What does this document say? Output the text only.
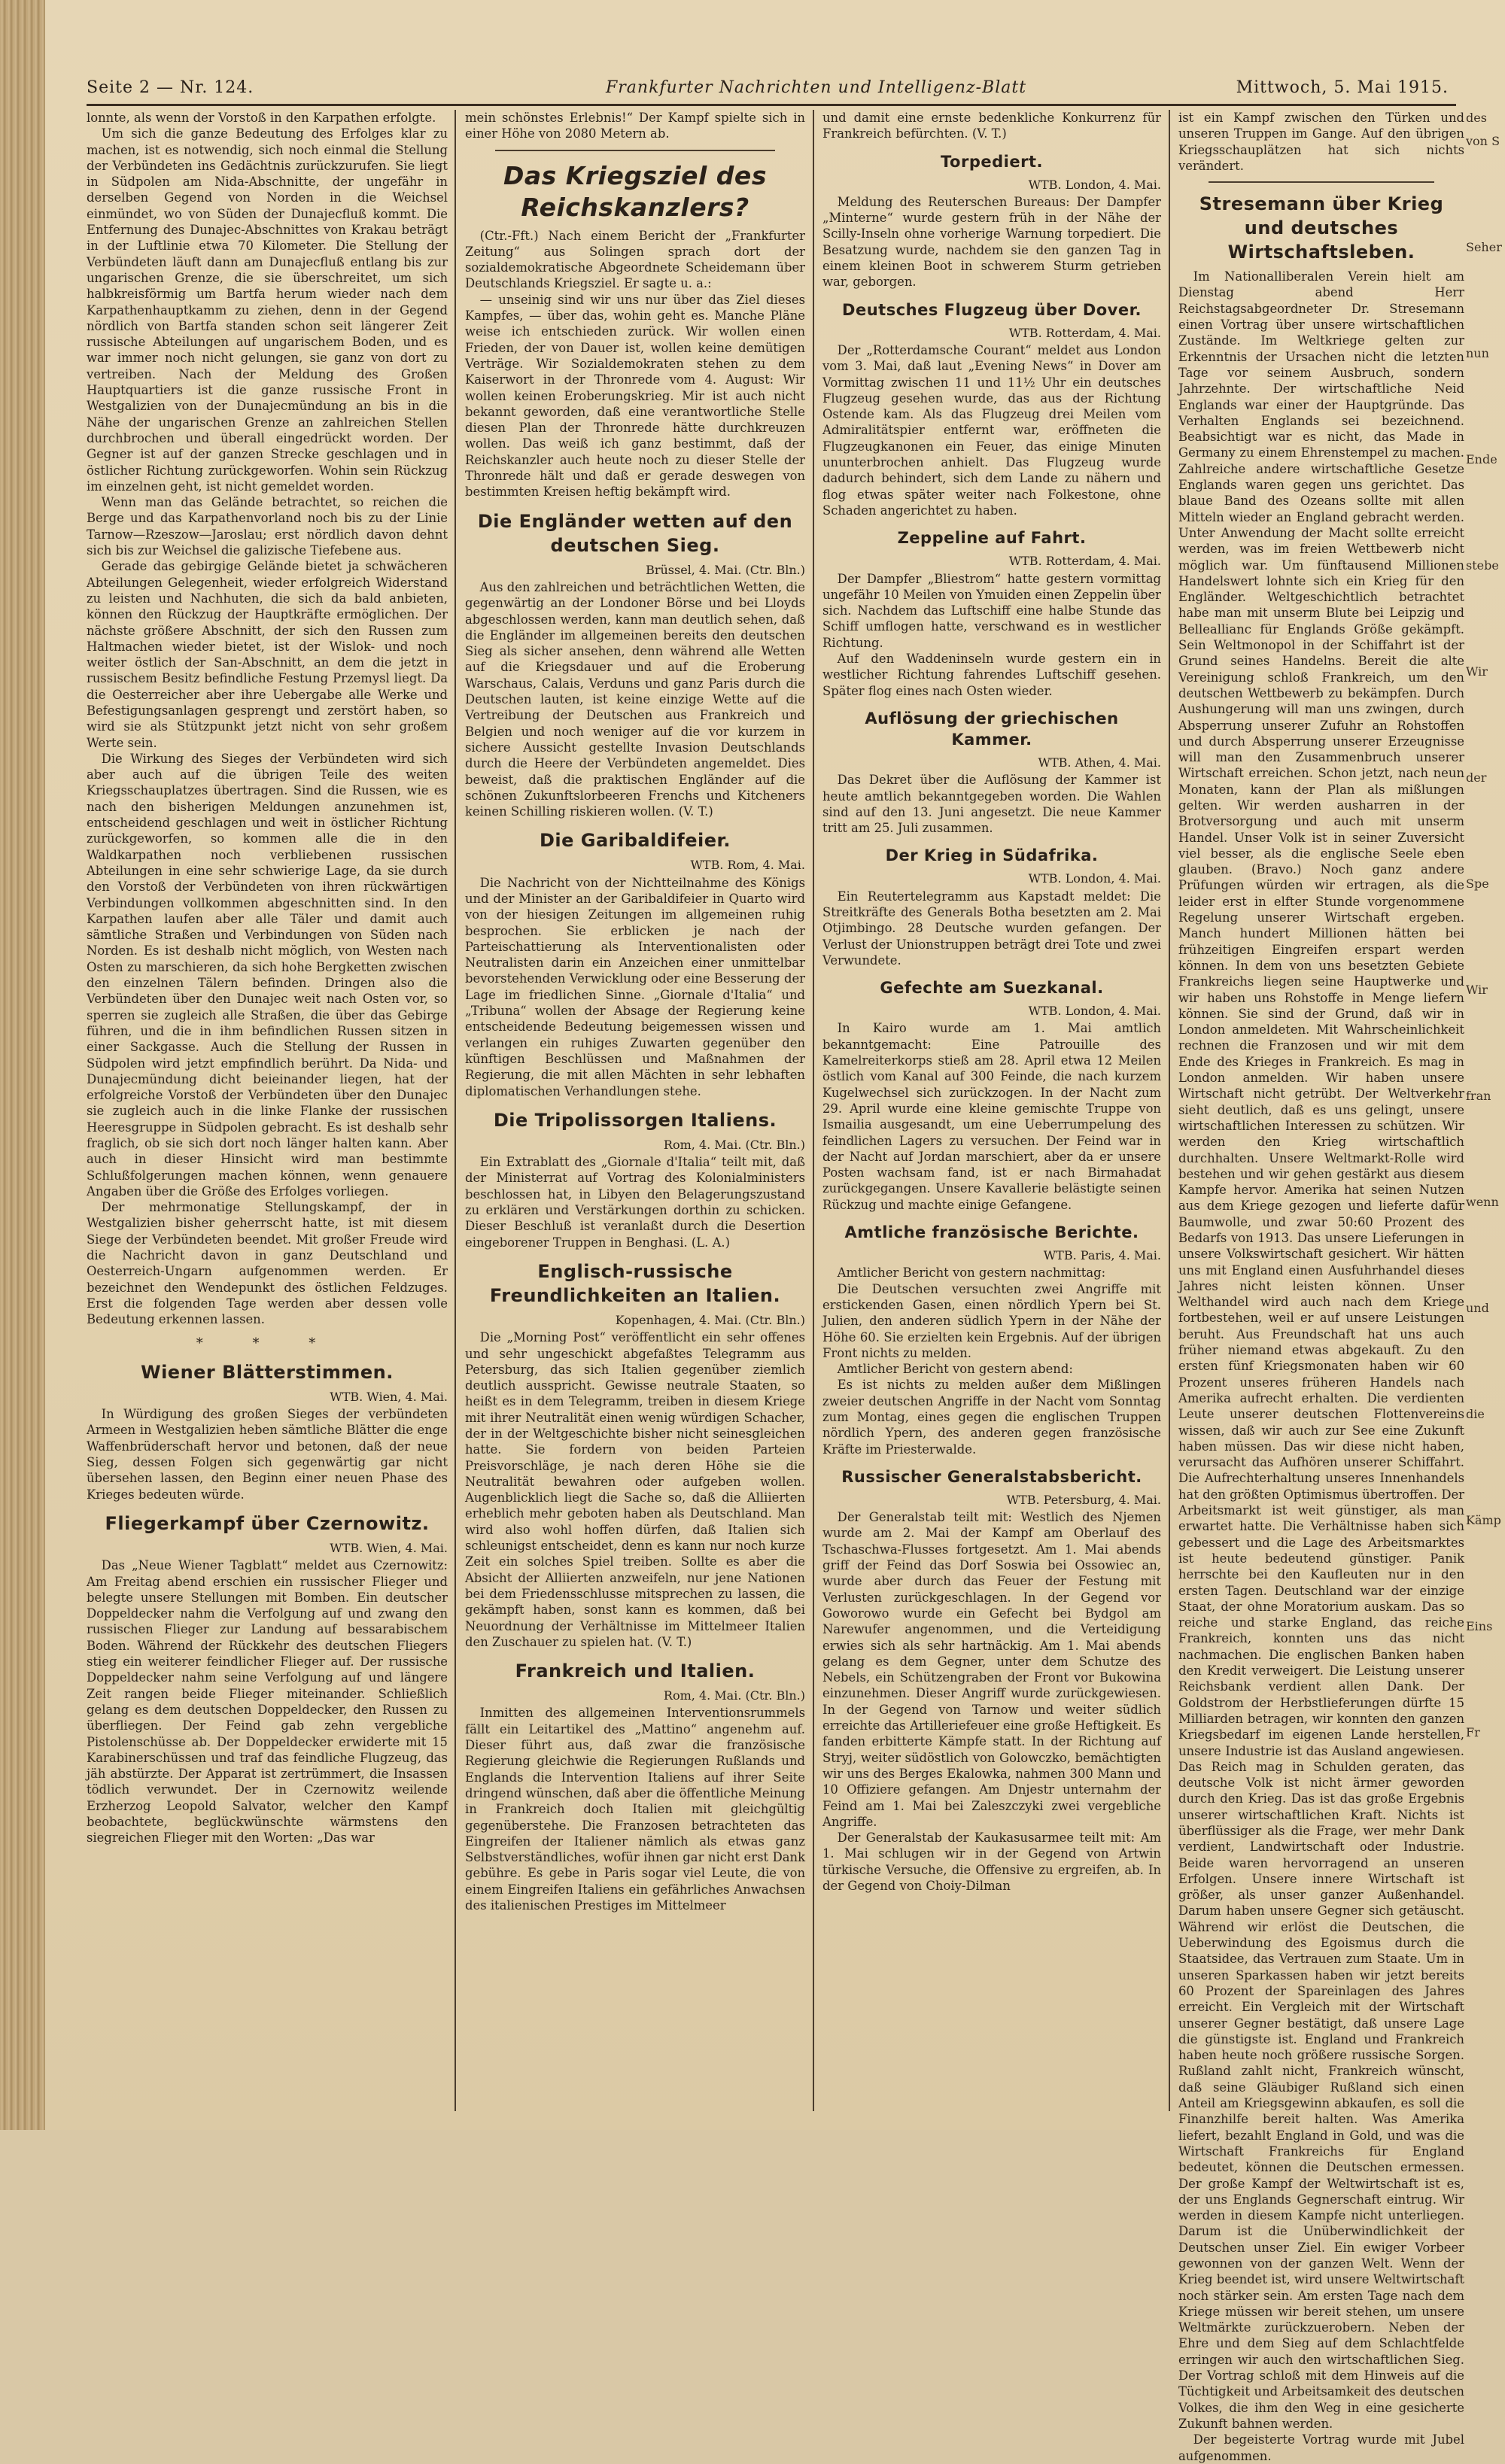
Seite 2 — Nr. 124.	Frankfurter Nachrichten und Intelligenz-Blatt	Mittwoch, 5. Mai 1915.

lonnte, als wenn der Vorstoß in den Karpathen erfolgte.

Um sich die ganze Bedeutung des Erfolges klar zu machen, ist es notwendig, sich noch einmal die Stellung der Verbündeten ins Gedächtnis zurückzurufen. Sie liegt in Südpolen am Nida-Abschnitte, der ungefähr in derselben Gegend von Norden in die Weichsel einmündet, wo von Süden der Dunajecfluß kommt. Die Entfernung des Dunajec-Abschnittes von Krakau beträgt in der Luftlinie etwa 70 Kilometer. Die Stellung der Verbündeten läuft dann am Dunajecfluß entlang bis zur ungarischen Grenze, die sie überschreitet, um sich halbkreisförmig um Bartfa herum wieder nach dem Karpathenhauptkamm zu ziehen, denn in der Gegend nördlich von Bartfa standen schon seit längerer Zeit russische Abteilungen auf ungarischem Boden, und es war immer noch nicht gelungen, sie ganz von dort zu vertreiben. Nach der Meldung des Großen Hauptquartiers ist die ganze russische Front in Westgalizien von der Dunajecmündung an bis in die Nähe der ungarischen Grenze an zahlreichen Stellen durchbrochen und überall eingedrückt worden. Der Gegner ist auf der ganzen Strecke geschlagen und in östlicher Richtung zurückgeworfen. Wohin sein Rückzug im einzelnen geht, ist nicht gemeldet worden.

Wenn man das Gelände betrachtet, so reichen die Berge und das Karpathenvorland noch bis zu der Linie Tarnow—Rzeszow—Jaroslau; erst nördlich davon dehnt sich bis zur Weichsel die galizische Tiefebene aus.

Gerade das gebirgige Gelände bietet ja schwächeren Abteilungen Gelegenheit, wieder erfolgreich Widerstand zu leisten und Nachhuten, die sich da bald anbieten, können den Rückzug der Hauptkräfte ermöglichen. Der nächste größere Abschnitt, der sich den Russen zum Haltmachen wieder bietet, ist der Wislok- und noch weiter östlich der San-Abschnitt, an dem die jetzt in russischem Besitz befindliche Festung Przemysl liegt. Da die Oesterreicher aber ihre Uebergabe alle Werke und Befestigungsanlagen gesprengt und zerstört haben, so wird sie als Stützpunkt jetzt nicht von sehr großem Werte sein.

Die Wirkung des Sieges der Verbündeten wird sich aber auch auf die übrigen Teile des weiten Kriegsschauplatzes übertragen. Sind die Russen, wie es nach den bisherigen Meldungen anzunehmen ist, entscheidend geschlagen und weit in östlicher Richtung zurückgeworfen, so kommen alle die in den Waldkarpathen noch verbliebenen russischen Abteilungen in eine sehr schwierige Lage, da sie durch den Vorstoß der Verbündeten von ihren rückwärtigen Verbindungen vollkommen abgeschnitten sind. In den Karpathen laufen aber alle Täler und damit auch sämtliche Straßen und Verbindungen von Süden nach Norden. Es ist deshalb nicht möglich, von Westen nach Osten zu marschieren, da sich hohe Bergketten zwischen den einzelnen Tälern befinden. Dringen also die Verbündeten über den Dunajec weit nach Osten vor, so sperren sie zugleich alle Straßen, die über das Gebirge führen, und die in ihm befindlichen Russen sitzen in einer Sackgasse. Auch die Stellung der Russen in Südpolen wird jetzt empfindlich berührt. Da Nida- und Dunajecmündung dicht beieinander liegen, hat der erfolgreiche Vorstoß der Verbündeten über den Dunajec sie zugleich auch in die linke Flanke der russischen Heeresgruppe in Südpolen gebracht. Es ist deshalb sehr fraglich, ob sie sich dort noch länger halten kann. Aber auch in dieser Hinsicht wird man bestimmte Schlußfolgerungen machen können, wenn genauere Angaben über die Größe des Erfolges vorliegen.

Der mehrmonatige Stellungskampf, der in Westgalizien bisher geherrscht hatte, ist mit diesem Siege der Verbündeten beendet. Mit großer Freude wird die Nachricht davon in ganz Deutschland und Oesterreich-Ungarn aufgenommen werden. Er bezeichnet den Wendepunkt des östlichen Feldzuges. Erst die folgenden Tage werden aber dessen volle Bedeutung erkennen lassen.

* * *
Wiener Blätterstimmen.
WTB. Wien, 4. Mai.

In Würdigung des großen Sieges der verbündeten Armeen in Westgalizien heben sämtliche Blätter die enge Waffenbrüderschaft hervor und betonen, daß der neue Sieg, dessen Folgen sich gegenwärtig gar nicht übersehen lassen, den Beginn einer neuen Phase des Krieges bedeuten würde.

Fliegerkampf über Czernowitz.
WTB. Wien, 4. Mai.

Das „Neue Wiener Tagblatt“ meldet aus Czernowitz: Am Freitag abend erschien ein russischer Flieger und belegte unsere Stellungen mit Bomben. Ein deutscher Doppeldecker nahm die Verfolgung auf und zwang den russischen Flieger zur Landung auf bessarabischem Boden. Während der Rückkehr des deutschen Fliegers stieg ein weiterer feindlicher Flieger auf. Der russische Doppeldecker nahm seine Verfolgung auf und längere Zeit rangen beide Flieger miteinander. Schließlich gelang es dem deutschen Doppeldecker, den Russen zu überfliegen. Der Feind gab zehn vergebliche Pistolenschüsse ab. Der Doppeldecker erwiderte mit 15 Karabinerschüssen und traf das feindliche Flugzeug, das jäh abstürzte. Der Apparat ist zertrümmert, die Insassen tödlich verwundet. Der in Czernowitz weilende Erzherzog Leopold Salvator, welcher den Kampf beobachtete, beglückwünschte wärmstens den siegreichen Flieger mit den Worten: „Das war

mein schönstes Erlebnis!“ Der Kampf spielte sich in einer Höhe von 2080 Metern ab.

Das Kriegsziel des Reichskanzlers?

(Ctr.-Fft.) Nach einem Bericht der „Frankfurter Zeitung“ aus Solingen sprach dort der sozialdemokratische Abgeordnete Scheidemann über Deutschlands Kriegsziel. Er sagte u. a.:

— unseinig sind wir uns nur über das Ziel dieses Kampfes, — über das, wohin geht es. Manche Pläne weise ich entschieden zurück. Wir wollen einen Frieden, der von Dauer ist, wollen keine demütigen Verträge. Wir Sozialdemokraten stehen zu dem Kaiserwort in der Thronrede vom 4. August: Wir wollen keinen Eroberungskrieg. Mir ist auch nicht bekannt geworden, daß eine verantwortliche Stelle diesen Plan der Thronrede hätte durchkreuzen wollen. Das weiß ich ganz bestimmt, daß der Reichskanzler auch heute noch zu dieser Stelle der Thronrede hält und daß er gerade deswegen von bestimmten Kreisen heftig bekämpft wird.

Die Engländer wetten auf den deutschen Sieg.
Brüssel, 4. Mai. (Ctr. Bln.)

Aus den zahlreichen und beträchtlichen Wetten, die gegenwärtig an der Londoner Börse und bei Lloyds abgeschlossen werden, kann man deutlich sehen, daß die Engländer im allgemeinen bereits den deutschen Sieg als sicher ansehen, denn während alle Wetten auf die Kriegsdauer und auf die Eroberung Warschaus, Calais, Verduns und ganz Paris durch die Deutschen lauten, ist keine einzige Wette auf die Vertreibung der Deutschen aus Frankreich und Belgien und noch weniger auf die vor kurzem in sichere Aussicht gestellte Invasion Deutschlands durch die Heere der Verbündeten angemeldet. Dies beweist, daß die praktischen Engländer auf die schönen Zukunftslorbeeren Frenchs und Kitcheners keinen Schilling riskieren wollen. (V. T.)

Die Garibaldifeier.
WTB. Rom, 4. Mai.

Die Nachricht von der Nichtteilnahme des Königs und der Minister an der Garibaldifeier in Quarto wird von der hiesigen Zeitungen im allgemeinen ruhig besprochen. Sie erblicken je nach der Parteischattierung als Interventionalisten oder Neutralisten darin ein Anzeichen einer unmittelbar bevorstehenden Verwicklung oder eine Besserung der Lage im friedlichen Sinne. „Giornale d'Italia“ und „Tribuna“ wollen der Absage der Regierung keine entscheidende Bedeutung beigemessen wissen und verlangen ein ruhiges Zuwarten gegenüber den künftigen Beschlüssen und Maßnahmen der Regierung, die mit allen Mächten in sehr lebhaften diplomatischen Verhandlungen stehe.

Die Tripolissorgen Italiens.
Rom, 4. Mai. (Ctr. Bln.)

Ein Extrablatt des „Giornale d'Italia“ teilt mit, daß der Ministerrat auf Vortrag des Kolonialministers beschlossen hat, in Libyen den Belagerungszustand zu erklären und Verstärkungen dorthin zu schicken. Dieser Beschluß ist veranlaßt durch die Desertion eingeborener Truppen in Benghasi. (L. A.)

Englisch-russische Freundlichkeiten an Italien.
Kopenhagen, 4. Mai. (Ctr. Bln.)

Die „Morning Post“ veröffentlicht ein sehr offenes und sehr ungeschickt abgefaßtes Telegramm aus Petersburg, das sich Italien gegenüber ziemlich deutlich ausspricht. Gewisse neutrale Staaten, so heißt es in dem Telegramm, treiben in diesem Kriege mit ihrer Neutralität einen wenig würdigen Schacher, der in der Weltgeschichte bisher nicht seinesgleichen hatte. Sie fordern von beiden Parteien Preisvorschläge, je nach deren Höhe sie die Neutralität bewahren oder aufgeben wollen. Augenblicklich liegt die Sache so, daß die Alliierten erheblich mehr geboten haben als Deutschland. Man wird also wohl hoffen dürfen, daß Italien sich schleunigst entscheidet, denn es kann nur noch kurze Zeit ein solches Spiel treiben. Sollte es aber die Absicht der Alliierten anzweifeln, nur jene Nationen bei dem Friedensschlusse mitsprechen zu lassen, die gekämpft haben, sonst kann es kommen, daß bei Neuordnung der Verhältnisse im Mittelmeer Italien den Zuschauer zu spielen hat. (V. T.)

Frankreich und Italien.
Rom, 4. Mai. (Ctr. Bln.)

Inmitten des allgemeinen Interventionsrummels fällt ein Leitartikel des „Mattino“ angenehm auf. Dieser führt aus, daß zwar die französische Regierung gleichwie die Regierungen Rußlands und Englands die Intervention Italiens auf ihrer Seite dringend wünschen, daß aber die öffentliche Meinung in Frankreich doch Italien mit gleichgültig gegenüberstehe. Die Franzosen betrachteten das Eingreifen der Italiener nämlich als etwas ganz Selbstverständliches, wofür ihnen gar nicht erst Dank gebühre. Es gebe in Paris sogar viel Leute, die von einem Eingreifen Italiens ein gefährliches Anwachsen des italienischen Prestiges im Mittelmeer

und damit eine ernste bedenkliche Konkurrenz für Frankreich befürchten. (V. T.)

Torpediert.
WTB. London, 4. Mai.

Meldung des Reuterschen Bureaus: Der Dampfer „Minterne“ wurde gestern früh in der Nähe der Scilly-Inseln ohne vorherige Warnung torpediert. Die Besatzung wurde, nachdem sie den ganzen Tag in einem kleinen Boot in schwerem Sturm getrieben war, geborgen.

Deutsches Flugzeug über Dover.
WTB. Rotterdam, 4. Mai.

Der „Rotterdamsche Courant“ meldet aus London vom 3. Mai, daß laut „Evening News“ in Dover am Vormittag zwischen 11 und 11½ Uhr ein deutsches Flugzeug gesehen wurde, das aus der Richtung Ostende kam. Als das Flugzeug drei Meilen vom Admiralitätspier entfernt war, eröffneten die Flugzeugkanonen ein Feuer, das einige Minuten ununterbrochen anhielt. Das Flugzeug wurde dadurch behindert, sich dem Lande zu nähern und flog etwas später weiter nach Folkestone, ohne Schaden angerichtet zu haben.

Zeppeline auf Fahrt.
WTB. Rotterdam, 4. Mai.

Der Dampfer „Bliestrom“ hatte gestern vormittag ungefähr 10 Meilen von Ymuiden einen Zeppelin über sich. Nachdem das Luftschiff eine halbe Stunde das Schiff umflogen hatte, verschwand es in westlicher Richtung.

Auf den Waddeninseln wurde gestern ein in westlicher Richtung fahrendes Luftschiff gesehen. Später flog eines nach Osten wieder.

Auflösung der griechischen Kammer.
WTB. Athen, 4. Mai.

Das Dekret über die Auflösung der Kammer ist heute amtlich bekanntgegeben worden. Die Wahlen sind auf den 13. Juni angesetzt. Die neue Kammer tritt am 25. Juli zusammen.

Der Krieg in Südafrika.
WTB. London, 4. Mai.

Ein Reutertelegramm aus Kapstadt meldet: Die Streitkräfte des Generals Botha besetzten am 2. Mai Otjimbingo. 28 Deutsche wurden gefangen. Der Verlust der Unionstruppen beträgt drei Tote und zwei Verwundete.

Gefechte am Suezkanal.
WTB. London, 4. Mai.

In Kairo wurde am 1. Mai amtlich bekanntgemacht: Eine Patrouille des Kamelreiterkorps stieß am 28. April etwa 12 Meilen östlich vom Kanal auf 300 Feinde, die nach kurzem Kugelwechsel sich zurückzogen. In der Nacht zum 29. April wurde eine kleine gemischte Truppe von Ismailia ausgesandt, um eine Ueberrumpelung des feindlichen Lagers zu versuchen. Der Feind war in der Nacht auf Jordan marschiert, aber da er unsere Posten wachsam fand, ist er nach Birmahadat zurückgegangen. Unsere Kavallerie belästigte seinen Rückzug und machte einige Gefangene.

Amtliche französische Berichte.
WTB. Paris, 4. Mai.

Amtlicher Bericht von gestern nachmittag:

Die Deutschen versuchten zwei Angriffe mit erstickenden Gasen, einen nördlich Ypern bei St. Julien, den anderen südlich Ypern in der Nähe der Höhe 60. Sie erzielten kein Ergebnis. Auf der übrigen Front nichts zu melden.

Amtlicher Bericht von gestern abend:

Es ist nichts zu melden außer dem Mißlingen zweier deutschen Angriffe in der Nacht vom Sonntag zum Montag, eines gegen die englischen Truppen nördlich Ypern, des anderen gegen französische Kräfte im Priesterwalde.

Russischer Generalstabsbericht.
WTB. Petersburg, 4. Mai.

Der Generalstab teilt mit: Westlich des Njemen wurde am 2. Mai der Kampf am Oberlauf des Tschaschwa-Flusses fortgesetzt. Am 1. Mai abends griff der Feind das Dorf Soswia bei Ossowiec an, wurde aber durch das Feuer der Festung mit Verlusten zurückgeschlagen. In der Gegend vor Goworowo wurde ein Gefecht bei Bydgol am Narewufer angenommen, und die Verteidigung erwies sich als sehr hartnäckig. Am 1. Mai abends gelang es dem Gegner, unter dem Schutze des Nebels, ein Schützengraben der Front vor Bukowina einzunehmen. Dieser Angriff wurde zurückgewiesen. In der Gegend von Tarnow und weiter südlich erreichte das Artilleriefeuer eine große Heftigkeit. Es fanden erbitterte Kämpfe statt. In der Richtung auf Stryj, weiter südöstlich von Golowczko, bemächtigten wir uns des Berges Ekalowka, nahmen 300 Mann und 10 Offiziere gefangen. Am Dnjestr unternahm der Feind am 1. Mai bei Zaleszczyki zwei vergebliche Angriffe.

Der Generalstab der Kaukasusarmee teilt mit: Am 1. Mai schlugen wir in der Gegend von Artwin türkische Versuche, die Offensive zu ergreifen, ab. In der Gegend von Choiy-Dilman

ist ein Kampf zwischen den Türken und unseren Truppen im Gange. Auf den übrigen Kriegsschauplätzen hat sich nichts verändert.

Stresemann über Krieg und deutsches Wirtschaftsleben.

Im Nationalliberalen Verein hielt am Dienstag abend Herr Reichstagsabgeordneter Dr. Stresemann einen Vortrag über unsere wirtschaftlichen Zustände. Im Weltkriege gelten zur Erkenntnis der Ursachen nicht die letzten Tage vor seinem Ausbruch, sondern Jahrzehnte. Der wirtschaftliche Neid Englands war einer der Hauptgründe. Das Verhalten Englands sei bezeichnend. Beabsichtigt war es nicht, das Made in Germany zu einem Ehrenstempel zu machen. Zahlreiche andere wirtschaftliche Gesetze Englands waren gegen uns gerichtet. Das blaue Band des Ozeans sollte mit allen Mitteln wieder an England gebracht werden. Unter Anwendung der Macht sollte erreicht werden, was im freien Wettbewerb nicht möglich war. Um fünftausend Millionen Handelswert lohnte sich ein Krieg für den Engländer. Weltgeschichtlich betrachtet habe man mit unserm Blute bei Leipzig und Belleallianc für Englands Größe gekämpft. Sein Weltmonopol in der Schiffahrt ist der Grund seines Handelns. Bereit die alte Vereinigung schloß Frankreich, um den deutschen Wettbewerb zu bekämpfen. Durch Aushungerung will man uns zwingen, durch Absperrung unserer Zufuhr an Rohstoffen und durch Absperrung unserer Erzeugnisse will man den Zusammenbruch unserer Wirtschaft erreichen. Schon jetzt, nach neun Monaten, kann der Plan als mißlungen gelten. Wir werden ausharren in der Brotversorgung und auch mit unserm Handel. Unser Volk ist in seiner Zuversicht viel besser, als die englische Seele eben glauben. (Bravo.) Noch ganz andere Prüfungen würden wir ertragen, als die leider erst in elfter Stunde vorgenommene Regelung unserer Wirtschaft ergeben. Manch hundert Millionen hätten bei frühzeitigen Eingreifen erspart werden können. In dem von uns besetzten Gebiete Frankreichs liegen seine Hauptwerke und wir haben uns Rohstoffe in Menge liefern können. Sie sind der Grund, daß wir in London anmeldeten. Mit Wahrscheinlichkeit rechnen die Franzosen und wir mit dem Ende des Krieges in Frankreich. Es mag in London anmelden. Wir haben unsere Wirtschaft nicht getrübt. Der Weltverkehr sieht deutlich, daß es uns gelingt, unsere wirtschaftlichen Interessen zu schützen. Wir werden den Krieg wirtschaftlich durchhalten. Unsere Weltmarkt-Rolle wird bestehen und wir gehen gestärkt aus diesem Kampfe hervor. Amerika hat seinen Nutzen aus dem Kriege gezogen und lieferte dafür Baumwolle, und zwar 50:60 Prozent des Bedarfs von 1913. Das unsere Lieferungen in unsere Volkswirtschaft gesichert. Wir hätten uns mit England einen Ausfuhrhandel dieses Jahres nicht leisten können. Unser Welthandel wird auch nach dem Kriege fortbestehen, weil er auf unsere Leistungen beruht. Aus Freundschaft hat uns auch früher niemand etwas abgekauft. Zu den ersten fünf Kriegsmonaten haben wir 60 Prozent unseres früheren Handels nach Amerika aufrecht erhalten. Die verdienten Leute unserer deutschen Flottenvereins wissen, daß wir auch zur See eine Zukunft haben müssen. Das wir diese nicht haben, verursacht das Aufhören unserer Schiffahrt. Die Aufrechterhaltung unseres Innenhandels hat den größten Optimismus übertroffen. Der Arbeitsmarkt ist weit günstiger, als man erwartet hatte. Die Verhältnisse haben sich gebessert und die Lage des Arbeitsmarktes ist heute bedeutend günstiger. Panik herrschte bei den Kaufleuten nur in den ersten Tagen. Deutschland war der einzige Staat, der ohne Moratorium auskam. Das so reiche und starke England, das reiche Frankreich, konnten uns das nicht nachmachen. Die englischen Banken haben den Kredit verweigert. Die Leistung unserer Reichsbank verdient allen Dank. Der Goldstrom der Herbstlieferungen dürfte 15 Milliarden betragen, wir konnten den ganzen Kriegsbedarf im eigenen Lande herstellen, unsere Industrie ist das Ausland angewiesen. Das Reich mag in Schulden geraten, das deutsche Volk ist nicht ärmer geworden durch den Krieg. Das ist das große Ergebnis unserer wirtschaftlichen Kraft. Nichts ist überflüssiger als die Frage, wer mehr Dank verdient, Landwirtschaft oder Industrie. Beide waren hervorragend an unseren Erfolgen. Unsere innere Wirtschaft ist größer, als unser ganzer Außenhandel. Darum haben unsere Gegner sich getäuscht. Während wir erlöst die Deutschen, die Ueberwindung des Egoismus durch die Staatsidee, das Vertrauen zum Staate. Um in unseren Sparkassen haben wir jetzt bereits 60 Prozent der Spareinlagen des Jahres erreicht. Ein Vergleich mit der Wirtschaft unserer Gegner bestätigt, daß unsere Lage die günstigste ist. England und Frankreich haben heute noch größere russische Sorgen. Rußland zahlt nicht, Frankreich wünscht, daß seine Gläubiger Rußland sich einen Anteil am Kriegsgewinn abkaufen, es soll die Finanzhilfe bereit halten. Was Amerika liefert, bezahlt England in Gold, und was die Wirtschaft Frankreichs für England bedeutet, können die Deutschen ermessen. Der große Kampf der Weltwirtschaft ist es, der uns Englands Gegnerschaft eintrug. Wir werden in diesem Kampfe nicht unterliegen. Darum ist die Unüberwindlichkeit der Deutschen unser Ziel. Ein ewiger Vorbeer gewonnen von der ganzen Welt. Wenn der Krieg beendet ist, wird unsere Weltwirtschaft noch stärker sein. Am ersten Tage nach dem Kriege müssen wir bereit stehen, um unsere Weltmärkte zurückzuerobern. Neben der Ehre und dem Sieg auf dem Schlachtfelde erringen wir auch den wirtschaftlichen Sieg. Der Vortrag schloß mit dem Hinweis auf die Tüchtigkeit und Arbeitsamkeit des deutschen Volkes, die ihm den Weg in eine gesicherte Zukunft bahnen werden.

Der begeisterte Vortrag wurde mit Jubel aufgenommen.

des
von S
Seher
nun
Ende
stebe
Wir
der
Spe
Wir
fran
wenn
und
die
Kämp
Eins
Fr
